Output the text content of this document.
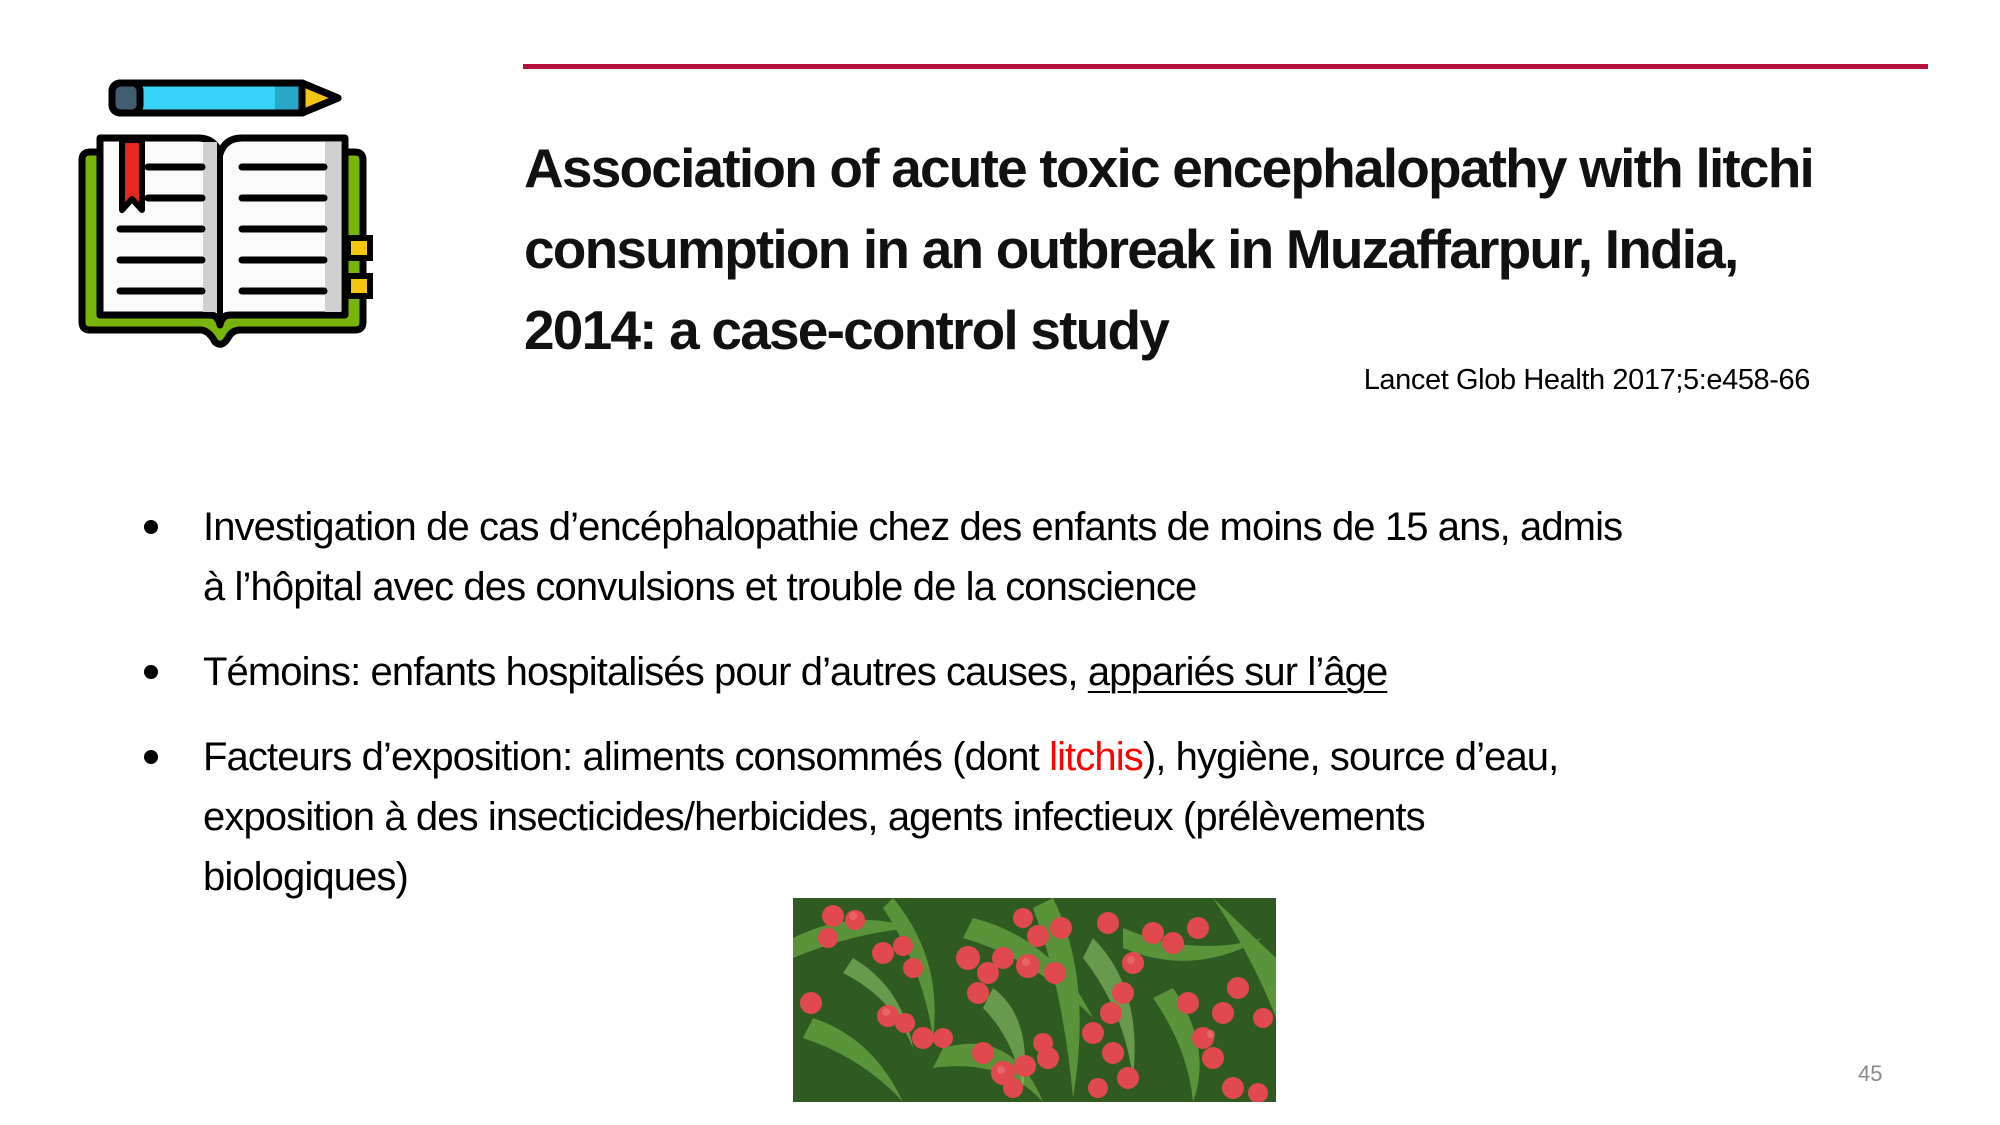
Association of acute toxic encephalopathy with litchi
consumption in an outbreak in Muzaffarpur, India,
2014: a case-control study
Lancet Glob Health 2017;5:e458-66
Investigation de cas d’encéphalopathie chez des enfants de moins de 15 ans, admis
à l’hôpital avec des convulsions et trouble de la conscience
Témoins: enfants hospitalisés pour d’autres causes, appariés sur l’âge
Facteurs d’exposition: aliments consommés (dont litchis), hygiène, source d’eau,
exposition à des insecticides/herbicides, agents infectieux (prélèvements
biologiques)
45
